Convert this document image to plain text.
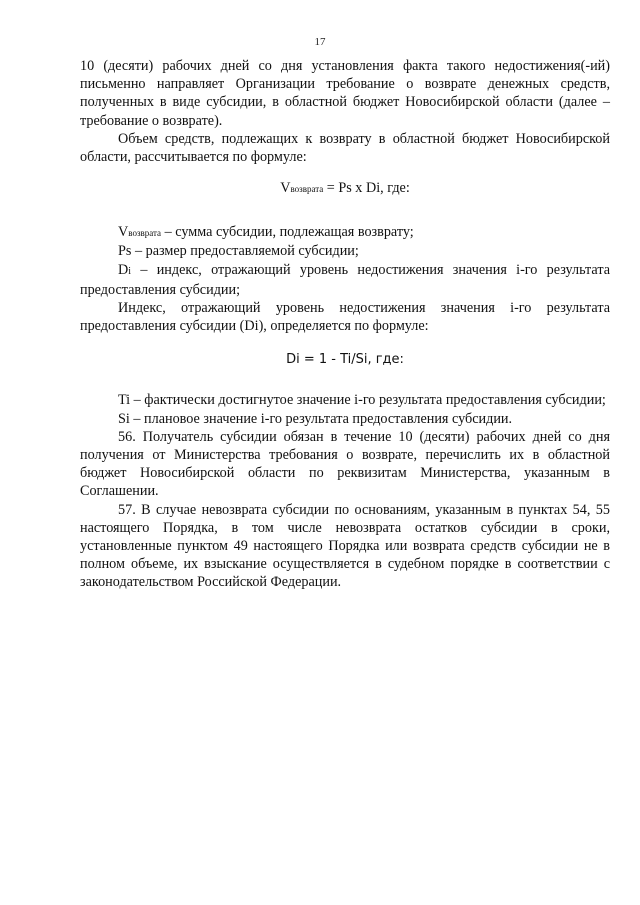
17

10 (десяти) рабочих дней со дня установления факта такого недостижения(-ий) письменно направляет Организации требование о возврате денежных средств, полученных в виде субсидии, в областной бюджет Новосибирской области (далее – требование о возврате).

Объем средств, подлежащих к возврату в областной бюджет Новосибирской области, рассчитывается по формуле:

Vвозврата = Ps x Di, где:

Vвозврата – сумма субсидии, подлежащая возврату;

Ps – размер предоставляемой субсидии;

Di – индекс, отражающий уровень недостижения значения i-го результата предоставления субсидии;

Индекс, отражающий уровень недостижения значения i-го результата предоставления субсидии (Di), определяется по формуле:

Di = 1 - Ti/Si, где:

Ti – фактически достигнутое значение i-го результата предоставления субсидии;

Si – плановое значение i-го результата предоставления субсидии.

56. Получатель субсидии обязан в течение 10 (десяти) рабочих дней со дня получения от Министерства требования о возврате, перечислить их в областной бюджет Новосибирской области по реквизитам Министерства, указанным в Соглашении.

57. В случае невозврата субсидии по основаниям, указанным в пунктах 54, 55 настоящего Порядка, в том числе невозврата остатков субсидии в сроки, установленные пунктом 49 настоящего Порядка или возврата средств субсидии не в полном объеме, их взыскание осуществляется в судебном порядке в соответствии с законодательством Российской Федерации.
